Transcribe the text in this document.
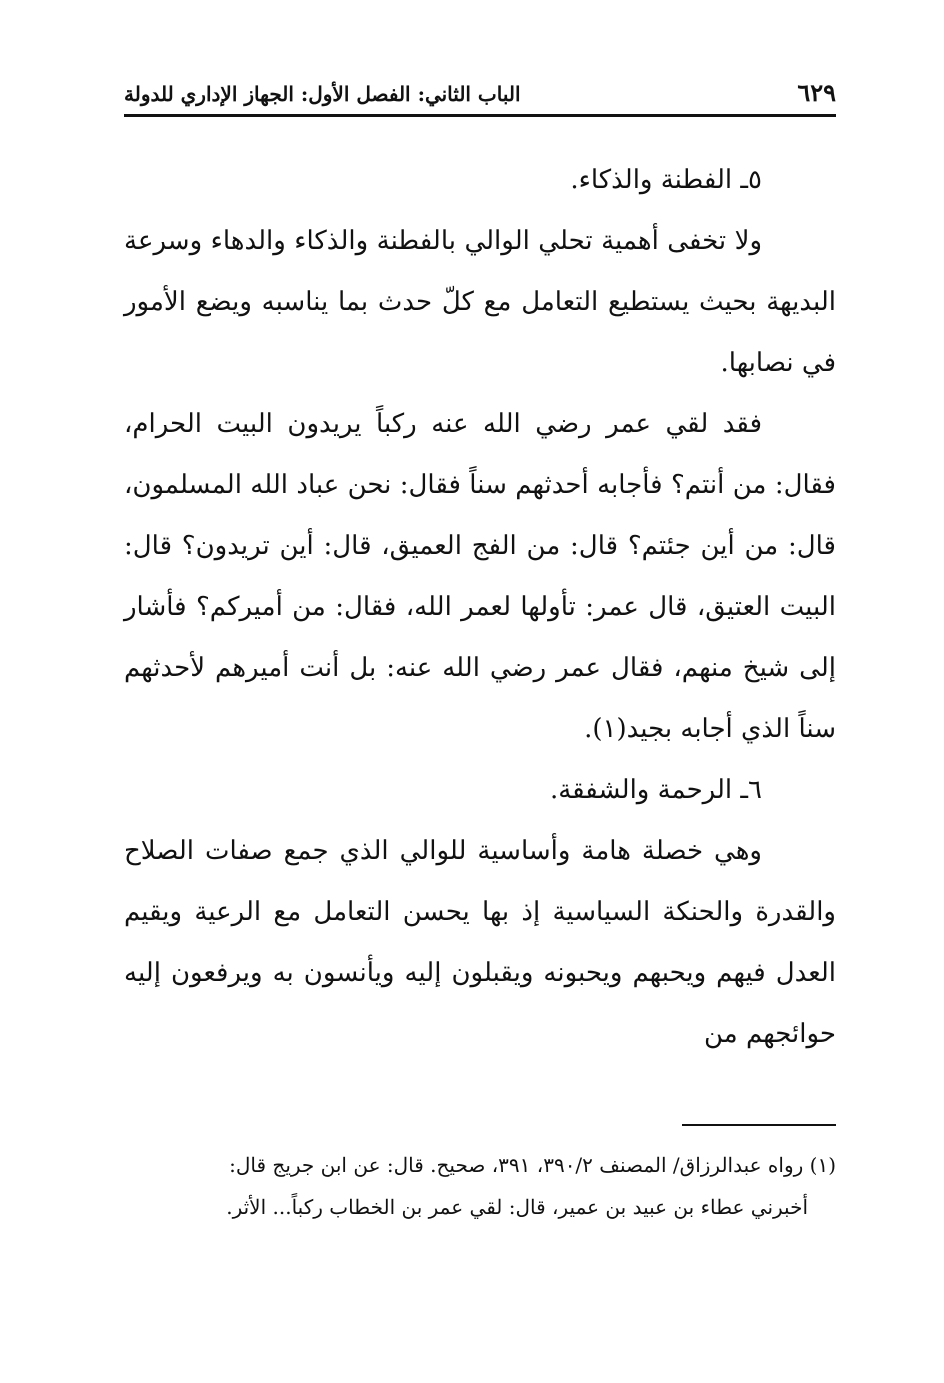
٦٢٩
الباب الثاني: الفصل الأول: الجهاز الإداري للدولة

٥ـ الفطنة والذكاء.

ولا تخفى أهمية تحلي الوالي بالفطنة والذكاء والدهاء وسرعة البديهة بحيث يستطيع التعامل مع كلّ حدث بما يناسبه ويضع الأمور في نصابها.

فقد لقي عمر رضي الله عنه ركباً يريدون البيت الحرام، فقال: من أنتم؟ فأجابه أحدثهم سناً فقال: نحن عباد الله المسلمون، قال: من أين جئتم؟ قال: من الفج العميق، قال: أين تريدون؟ قال: البيت العتيق، قال عمر: تأولها لعمر الله، فقال: من أميركم؟ فأشار إلى شيخ منهم، فقال عمر رضي الله عنه: بل أنت أميرهم لأحدثهم سناً الذي أجابه بجيد(١).

٦ـ الرحمة والشفقة.

وهي خصلة هامة وأساسية للوالي الذي جمع صفات الصلاح والقدرة والحنكة السياسية إذ بها يحسن التعامل مع الرعية ويقيم العدل فيهم ويحبهم ويحبونه ويقبلون إليه ويأنسون به ويرفعون إليه حوائجهم من

(١) رواه عبدالرزاق/ المصنف ٣٩٠/٢، ٣٩١، صحيح. قال: عن ابن جريج قال:

أخبرني عطاء بن عبيد بن عمير، قال: لقي عمر بن الخطاب ركباً... الأثر.
